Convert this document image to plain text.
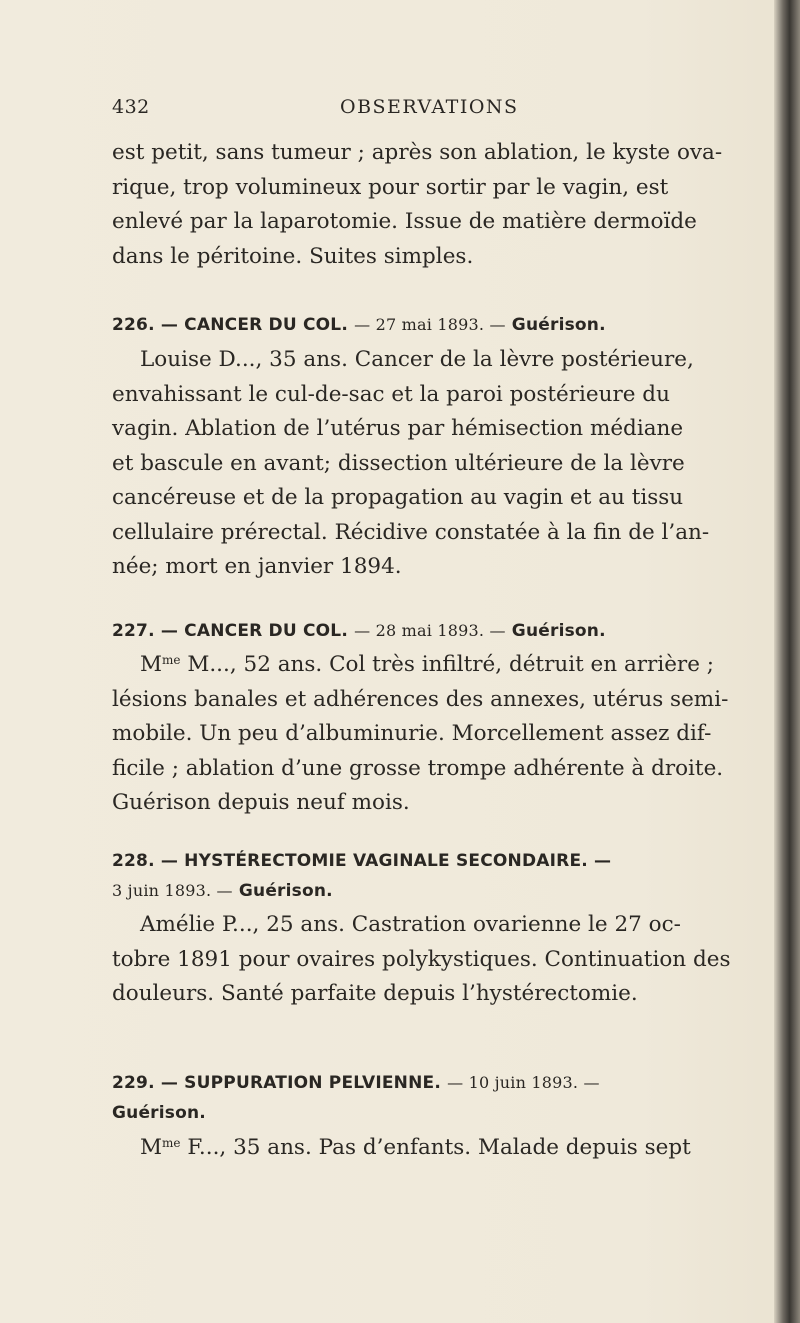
432	OBSERVATIONS
est petit, sans tumeur ; après son ablation, le kyste ova-
rique, trop volumineux pour sortir par le vagin, est
enlevé par la laparotomie. Issue de matière dermoïde
dans le péritoine. Suites simples.
226. — CANCER DU COL. — 27 mai 1893. — Guérison.
Louise D..., 35 ans. Cancer de la lèvre postérieure,
envahissant le cul-de-sac et la paroi postérieure du
vagin. Ablation de l’utérus par hémisection médiane
et bascule en avant; dissection ultérieure de la lèvre
cancéreuse et de la propagation au vagin et au tissu
cellulaire prérectal. Récidive constatée à la fin de l’an-
née; mort en janvier 1894.
227. — CANCER DU COL. — 28 mai 1893. — Guérison.
$M^{me}$ M..., 52 ans. Col très infiltré, détruit en arrière ;
lésions banales et adhérences des annexes, utérus semi-
mobile. Un peu d’albuminurie. Morcellement assez dif-
ficile ; ablation d’une grosse trompe adhérente à droite.
Guérison depuis neuf mois.
228. — HYSTÉRECTOMIE VAGINALE SECONDAIRE. —
3 juin 1893. — Guérison.
Amélie P..., 25 ans. Castration ovarienne le 27 oc-
tobre 1891 pour ovaires polykystiques. Continuation des
douleurs. Santé parfaite depuis l’hystérectomie.
229. — SUPPURATION PELVIENNE. — 10 juin 1893. —
Guérison.
$M^{me}$ F..., 35 ans. Pas d’enfants. Malade depuis sept
